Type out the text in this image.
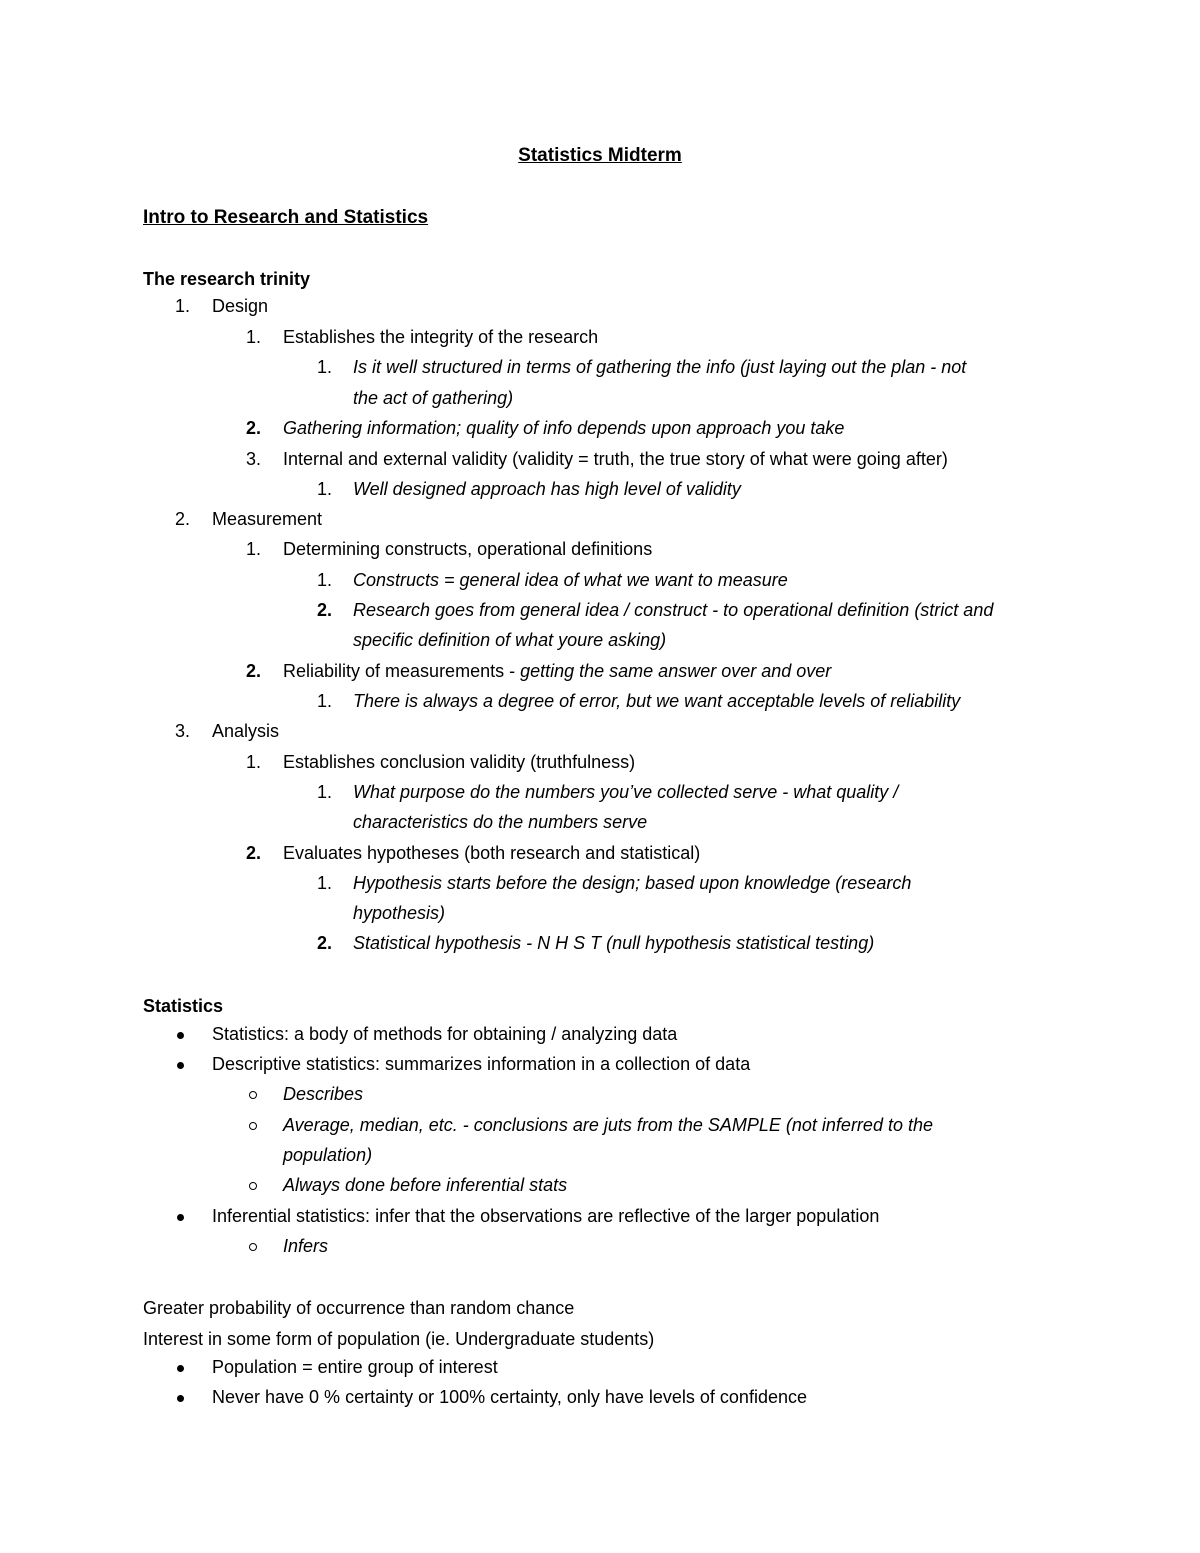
Statistics Midterm
Intro to Research and Statistics
The research trinity
1. Design
1. Establishes the integrity of the research
1. Is it well structured in terms of gathering the info (just laying out the plan - not
the act of gathering)
2. Gathering information; quality of info depends upon approach you take
3. Internal and external validity (validity = truth, the true story of what were going after)
1. Well designed approach has high level of validity
2. Measurement
1. Determining constructs, operational definitions
1. Constructs = general idea of what we want to measure
2. Research goes from general idea / construct - to operational definition (strict and
specific definition of what youre asking)
2. Reliability of measurements - getting the same answer over and over
1. There is always a degree of error, but we want acceptable levels of reliability
3. Analysis
1. Establishes conclusion validity (truthfulness)
1. What purpose do the numbers you’ve collected serve - what quality /
characteristics do the numbers serve
2. Evaluates hypotheses (both research and statistical)
1. Hypothesis starts before the design; based upon knowledge (research
hypothesis)
2. Statistical hypothesis - N H S T (null hypothesis statistical testing)
Statistics
Statistics: a body of methods for obtaining / analyzing data
Descriptive statistics: summarizes information in a collection of data
Describes
Average, median, etc. - conclusions are juts from the SAMPLE (not inferred to the
population)
Always done before inferential stats
Inferential statistics: infer that the observations are reflective of the larger population
Infers
Greater probability of occurrence than random chance
Interest in some form of population (ie. Undergraduate students)
Population = entire group of interest
Never have 0 % certainty or 100% certainty, only have levels of confidence
